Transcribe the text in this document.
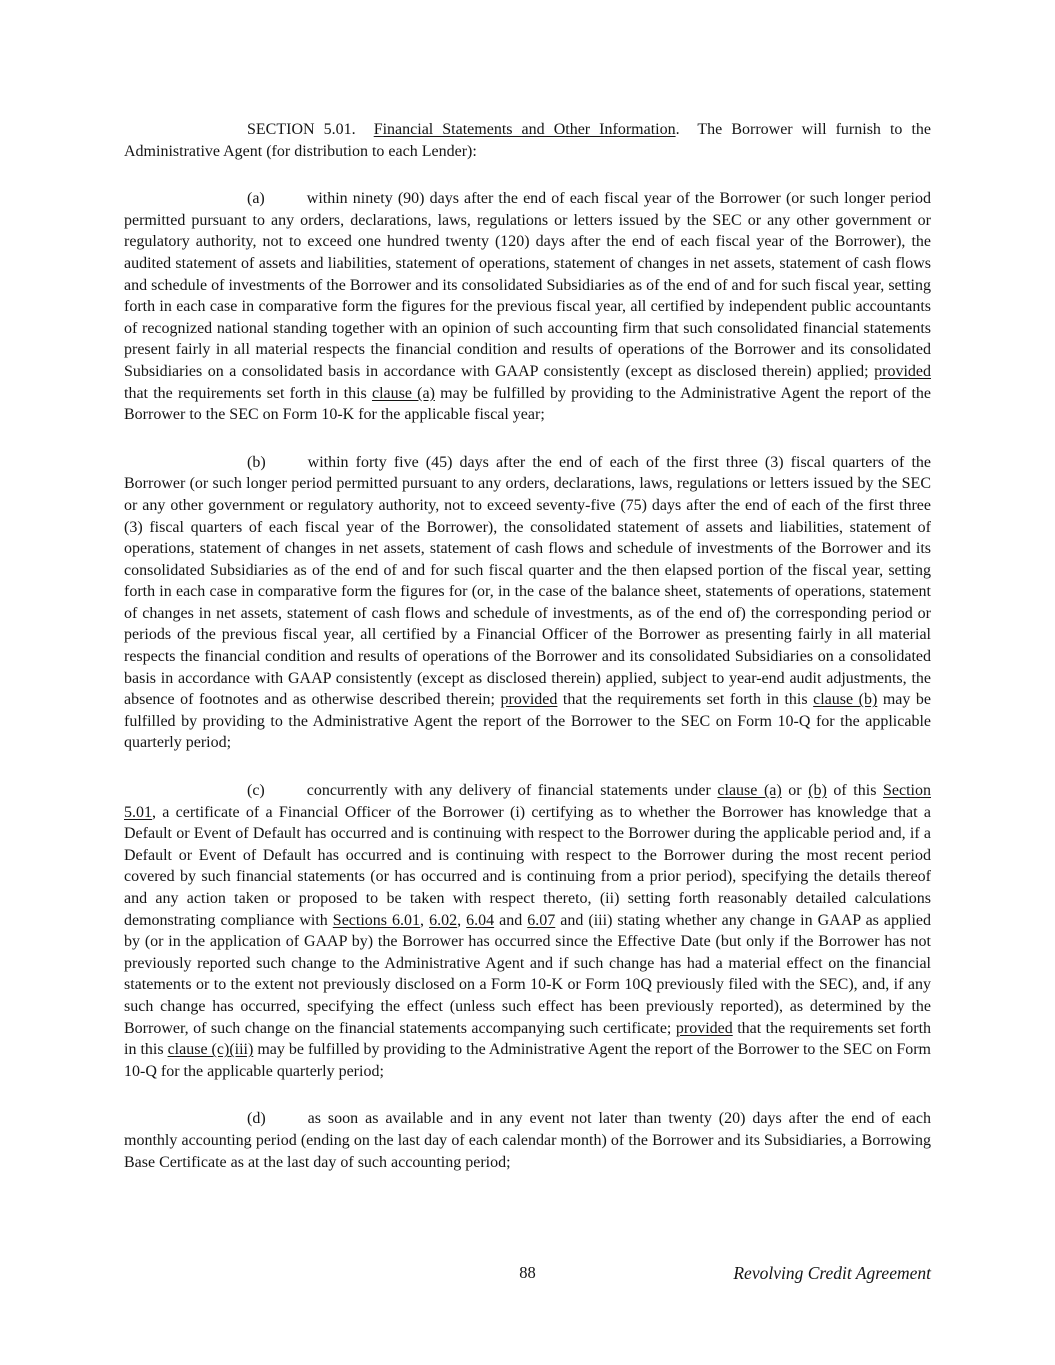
SECTION 5.01.  Financial Statements and Other Information.  The Borrower will furnish to the Administrative Agent (for distribution to each Lender):

(a)	within ninety (90) days after the end of each fiscal year of the Borrower (or such longer period permitted pursuant to any orders, declarations, laws, regulations or letters issued by the SEC or any other government or regulatory authority, not to exceed one hundred twenty (120) days after the end of each fiscal year of the Borrower), the audited statement of assets and liabilities, statement of operations, statement of changes in net assets, statement of cash flows and schedule of investments of the Borrower and its consolidated Subsidiaries as of the end of and for such fiscal year, setting forth in each case in comparative form the figures for the previous fiscal year, all certified by independent public accountants of recognized national standing together with an opinion of such accounting firm that such consolidated financial statements present fairly in all material respects the financial condition and results of operations of the Borrower and its consolidated Subsidiaries on a consolidated basis in accordance with GAAP consistently (except as disclosed therein) applied; provided that the requirements set forth in this clause (a) may be fulfilled by providing to the Administrative Agent the report of the Borrower to the SEC on Form 10-K for the applicable fiscal year;

(b)	within forty five (45) days after the end of each of the first three (3) fiscal quarters of the Borrower (or such longer period permitted pursuant to any orders, declarations, laws, regulations or letters issued by the SEC or any other government or regulatory authority, not to exceed seventy-five (75) days after the end of each of the first three (3) fiscal quarters of each fiscal year of the Borrower), the consolidated statement of assets and liabilities, statement of operations, statement of changes in net assets, statement of cash flows and schedule of investments of the Borrower and its consolidated Subsidiaries as of the end of and for such fiscal quarter and the then elapsed portion of the fiscal year, setting forth in each case in comparative form the figures for (or, in the case of the balance sheet, statements of operations, statement of changes in net assets, statement of cash flows and schedule of investments, as of the end of) the corresponding period or periods of the previous fiscal year, all certified by a Financial Officer of the Borrower as presenting fairly in all material respects the financial condition and results of operations of the Borrower and its consolidated Subsidiaries on a consolidated basis in accordance with GAAP consistently (except as disclosed therein) applied, subject to year-end audit adjustments, the absence of footnotes and as otherwise described therein; provided that the requirements set forth in this clause (b) may be fulfilled by providing to the Administrative Agent the report of the Borrower to the SEC on Form 10-Q for the applicable quarterly period;

(c)	concurrently with any delivery of financial statements under clause (a) or (b) of this Section 5.01, a certificate of a Financial Officer of the Borrower (i) certifying as to whether the Borrower has knowledge that a Default or Event of Default has occurred and is continuing with respect to the Borrower during the applicable period and, if a Default or Event of Default has occurred and is continuing with respect to the Borrower during the most recent period covered by such financial statements (or has occurred and is continuing from a prior period), specifying the details thereof and any action taken or proposed to be taken with respect thereto, (ii) setting forth reasonably detailed calculations demonstrating compliance with Sections 6.01, 6.02, 6.04 and 6.07 and (iii) stating whether any change in GAAP as applied by (or in the application of GAAP by) the Borrower has occurred since the Effective Date (but only if the Borrower has not previously reported such change to the Administrative Agent and if such change has had a material effect on the financial statements or to the extent not previously disclosed on a Form 10-K or Form 10Q previously filed with the SEC), and, if any such change has occurred, specifying the effect (unless such effect has been previously reported), as determined by the Borrower, of such change on the financial statements accompanying such certificate; provided that the requirements set forth in this clause (c)(iii) may be fulfilled by providing to the Administrative Agent the report of the Borrower to the SEC on Form 10-Q for the applicable quarterly period;

(d)	as soon as available and in any event not later than twenty (20) days after the end of each monthly accounting period (ending on the last day of each calendar month) of the Borrower and its Subsidiaries, a Borrowing Base Certificate as at the last day of such accounting period;

88	Revolving Credit Agreement
